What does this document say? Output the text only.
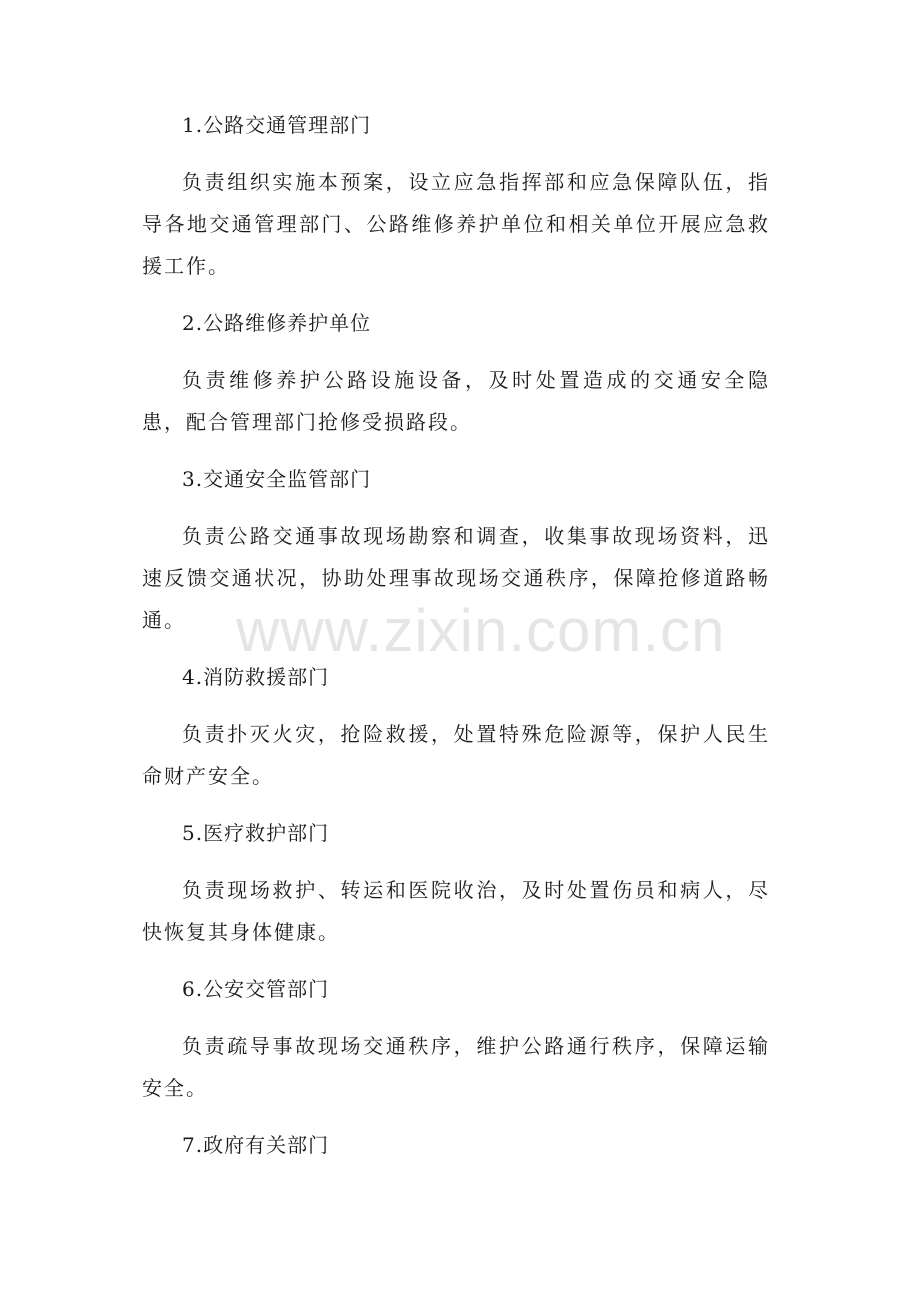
1.公路交通管理部门

负责组织实施本预案，设立应急指挥部和应急保障队伍，指导各地交通管理部门、公路维修养护单位和相关单位开展应急救援工作。

2.公路维修养护单位

负责维修养护公路设施设备，及时处置造成的交通安全隐患，配合管理部门抢修受损路段。

3.交通安全监管部门

负责公路交通事故现场勘察和调查，收集事故现场资料，迅速反馈交通状况，协助处理事故现场交通秩序，保障抢修道路畅通。

4.消防救援部门

负责扑灭火灾，抢险救援，处置特殊危险源等，保护人民生命财产安全。

5.医疗救护部门

负责现场救护、转运和医院收治，及时处置伤员和病人，尽快恢复其身体健康。

6.公安交管部门

负责疏导事故现场交通秩序，维护公路通行秩序，保障运输安全。

7.政府有关部门
www.zixin.com.cn
